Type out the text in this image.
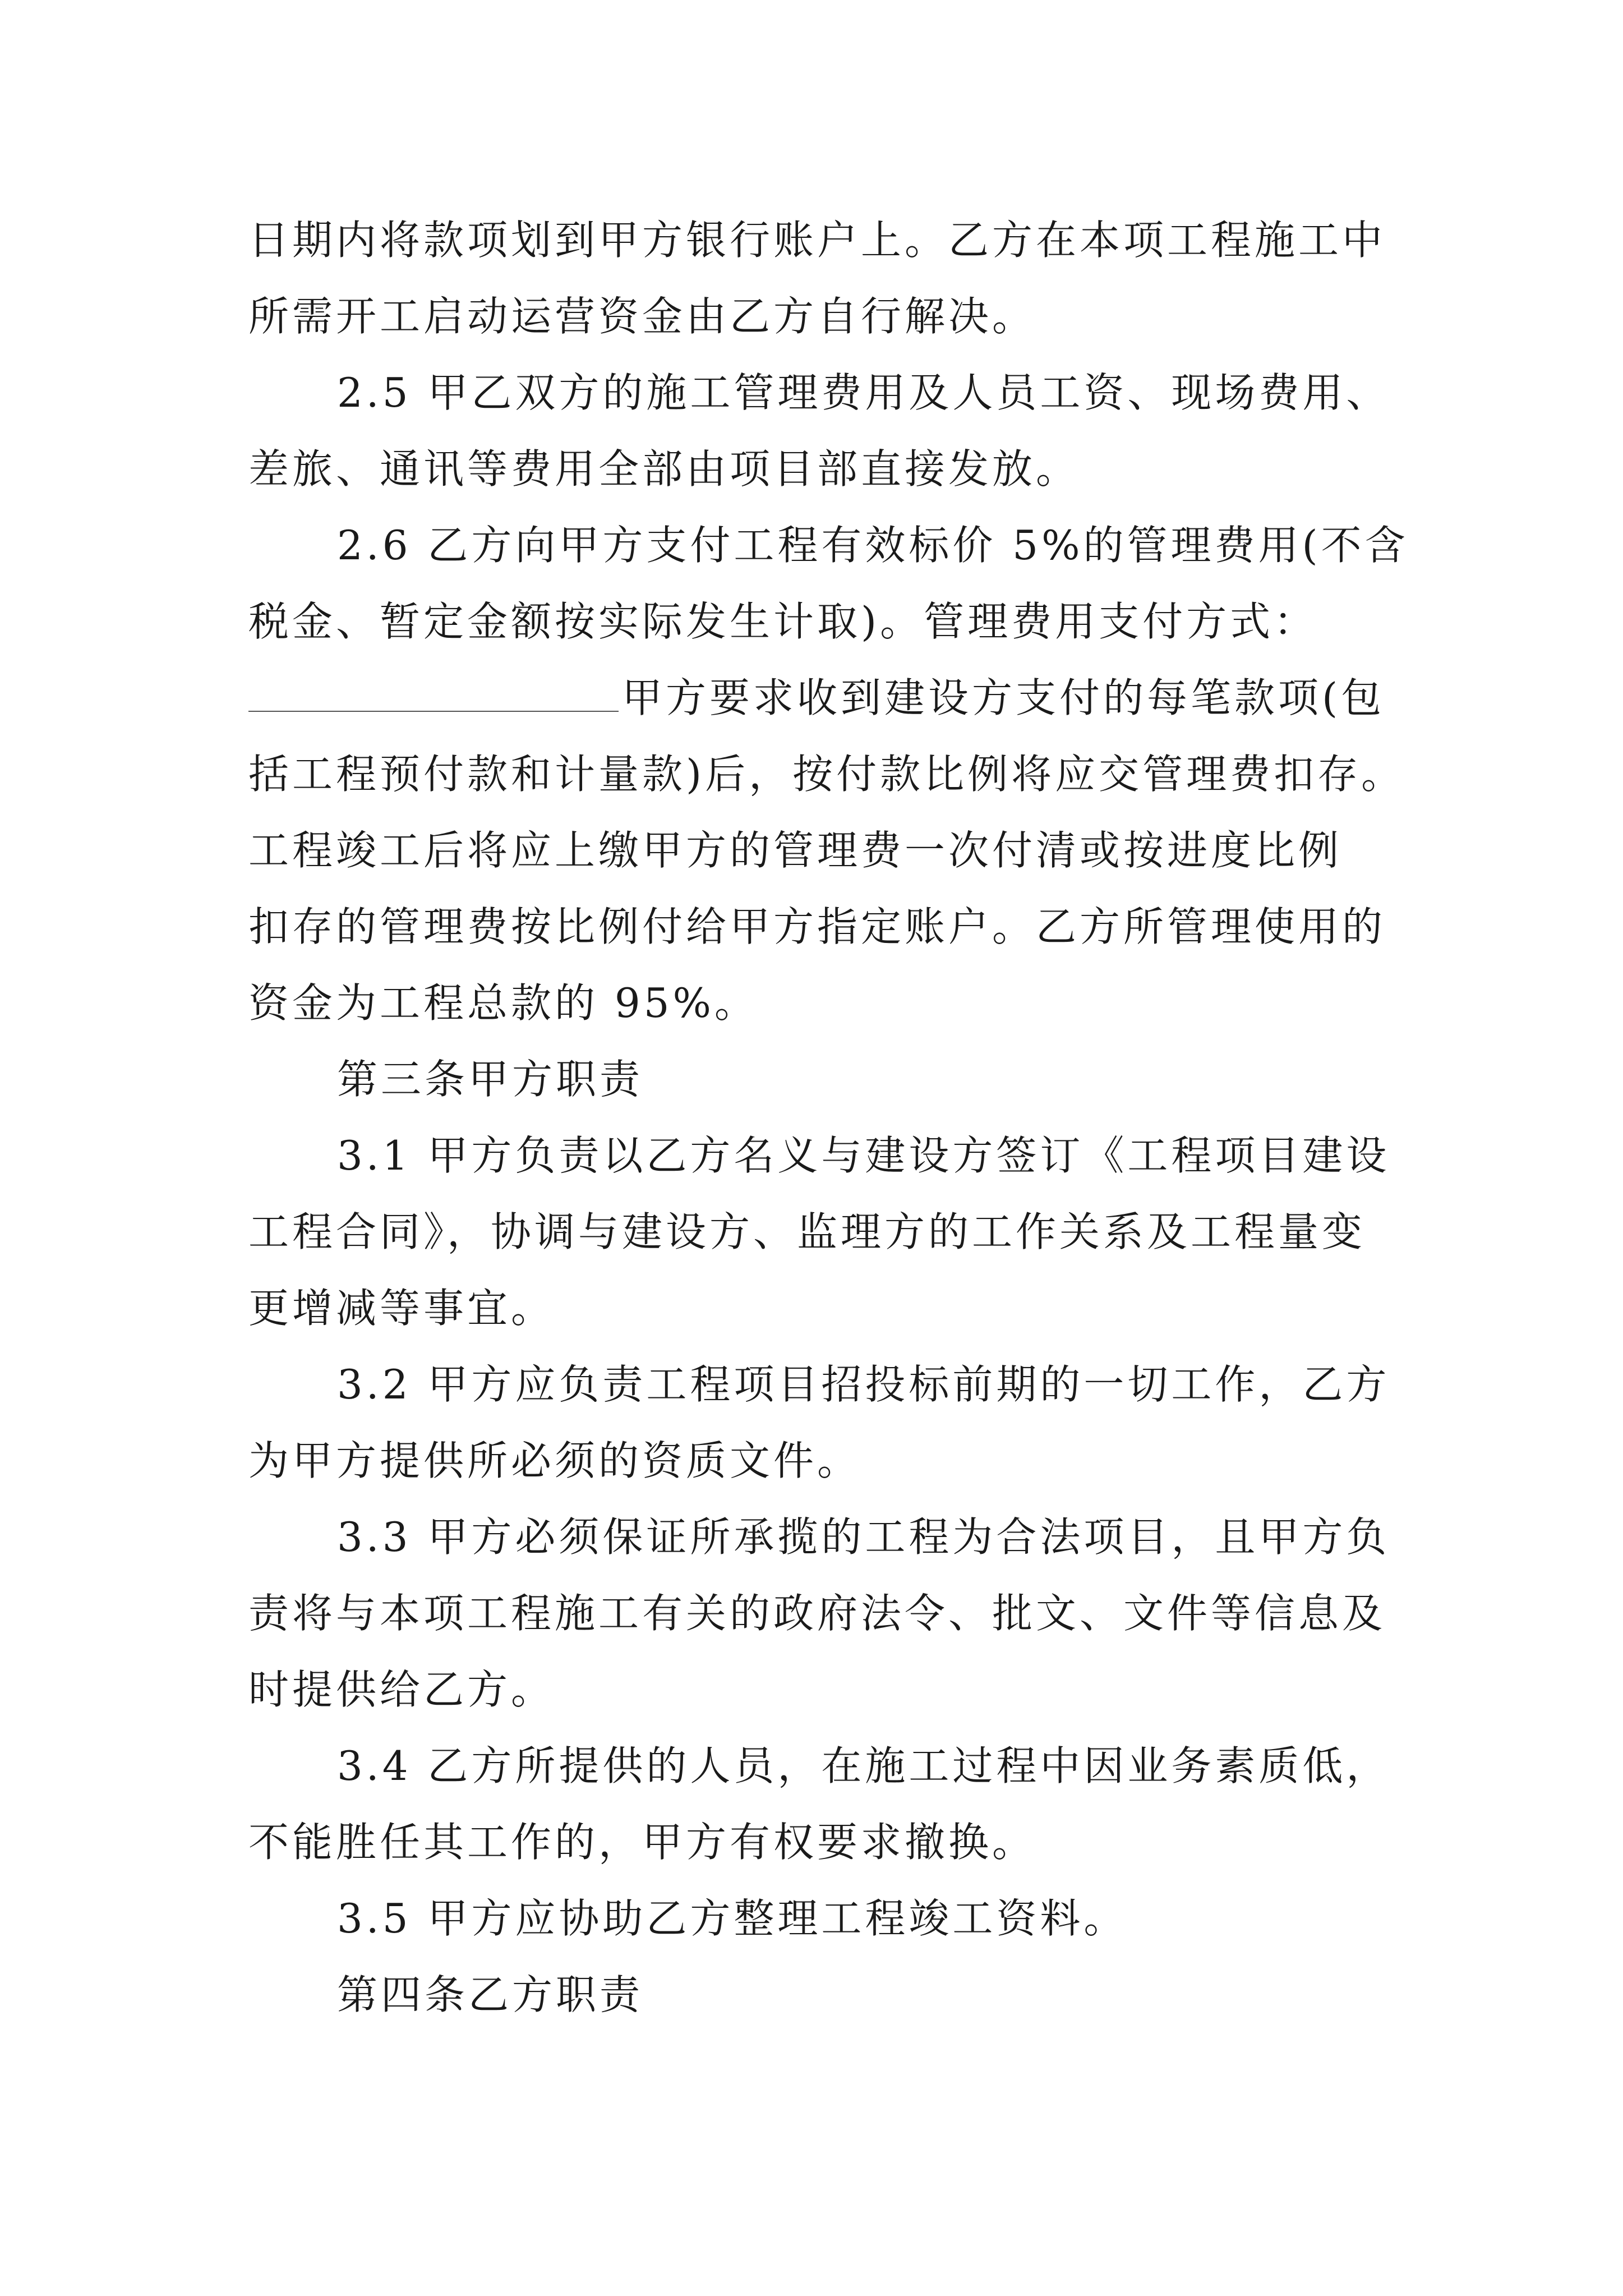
日期内将款项划到甲方银行账户上。乙方在本项工程施工中
所需开工启动运营资金由乙方自行解决。
2.5 甲乙双方的施工管理费用及人员工资、现场费用、
差旅、通讯等费用全部由项目部直接发放。
2.6 乙方向甲方支付工程有效标价 5%的管理费用(不含
税金、暂定金额按实际发生计取)。管理费用支付方式：
甲方要求收到建设方支付的每笔款项(包
括工程预付款和计量款)后，按付款比例将应交管理费扣存。
工程竣工后将应上缴甲方的管理费一次付清或按进度比例
扣存的管理费按比例付给甲方指定账户。乙方所管理使用的
资金为工程总款的 95%。
第三条甲方职责
3.1 甲方负责以乙方名义与建设方签订《工程项目建设
工程合同》，协调与建设方、监理方的工作关系及工程量变
更增减等事宜。
3.2 甲方应负责工程项目招投标前期的一切工作，乙方
为甲方提供所必须的资质文件。
3.3 甲方必须保证所承揽的工程为合法项目，且甲方负
责将与本项工程施工有关的政府法令、批文、文件等信息及
时提供给乙方。
3.4 乙方所提供的人员，在施工过程中因业务素质低，
不能胜任其工作的，甲方有权要求撤换。
3.5 甲方应协助乙方整理工程竣工资料。
第四条乙方职责
